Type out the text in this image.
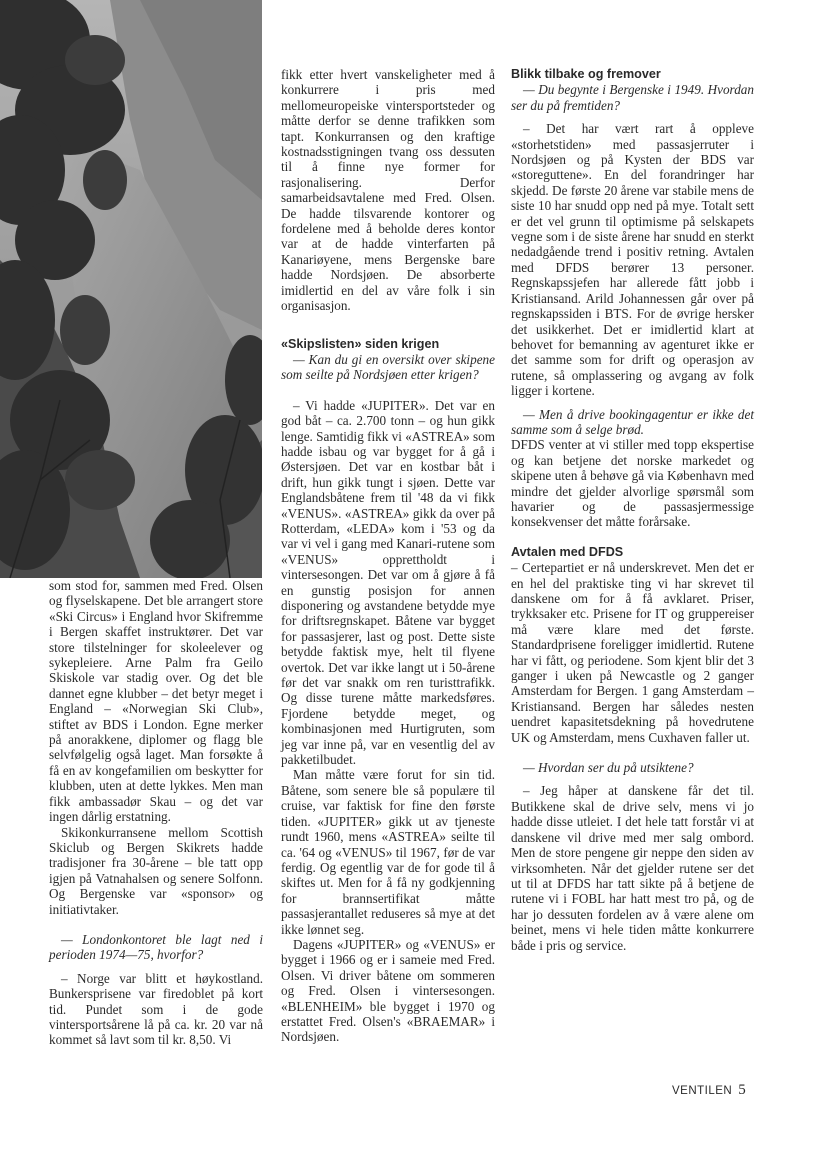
som stod for, sammen med Fred. Olsen og flyselskapene. Det ble arrangert store «Ski Circus» i England hvor Skifremme i Bergen skaffet instruktører. Det var store tilstelninger for skoleelever og sykepleiere. Arne Palm fra Geilo Skiskole var stadig over. Og det ble dannet egne klubber – det betyr meget i England – «Norwegian Ski Club», stiftet av BDS i London. Egne merker på anorakkene, diplomer og flagg ble selvfølgelig også laget. Man forsøkte å få en av kongefamilien om beskytter for klubben, uten at dette lykkes. Men man fikk ambassadør Skau – og det var ingen dårlig erstatning.

Skikonkurransene mellom Scottish Skiclub og Bergen Skikrets hadde tradisjoner fra 30-årene – ble tatt opp igjen på Vatnahalsen og senere Solfonn. Og Bergenske var «sponsor» og initiativtaker.

— Londonkontoret ble lagt ned i perioden 1974—75, hvorfor?

– Norge var blitt et høykostland. Bunkersprisene var firedoblet på kort tid. Pundet som i de gode vintersportsårene lå på ca. kr. 20 var nå kommet så lavt som til kr. 8,50. Vi

fikk etter hvert vanskeligheter med å konkurrere i pris med mellomeuropeiske vintersportsteder og måtte derfor se denne trafikken som tapt. Konkurransen og den kraftige kostnadsstigningen tvang oss dessuten til å finne nye former for rasjonalisering. Derfor samarbeidsavtalene med Fred. Olsen. De hadde tilsvarende kontorer og fordelene med å beholde deres kontor var at de hadde vinterfarten på Kanariøyene, mens Bergenske bare hadde Nordsjøen. De absorberte imidlertid en del av våre folk i sin organisasjon.

«Skipslisten» siden krigen

— Kan du gi en oversikt over skipene som seilte på Nordsjøen etter krigen?

– Vi hadde «JUPITER». Det var en god båt – ca. 2.700 tonn – og hun gikk lenge. Samtidig fikk vi «ASTREA» som hadde isbau og var bygget for å gå i Østersjøen. Det var en kostbar båt i drift, hun gikk tungt i sjøen. Dette var Englandsbåtene frem til '48 da vi fikk «VENUS». «ASTREA» gikk da over på Rotterdam, «LEDA» kom i '53 og da var vi vel i gang med Kanari-rutene som «VENUS» opprettholdt i vintersesongen. Det var om å gjøre å få en gunstig posisjon for annen disponering og avstandene betydde mye for driftsregnskapet. Båtene var bygget for passasjerer, last og post. Dette siste betydde faktisk mye, helt til flyene overtok. Det var ikke langt ut i 50-årene før det var snakk om ren turisttrafikk. Og disse turene måtte markedsføres. Fjordene betydde meget, og kombinasjonen med Hurtigruten, som jeg var inne på, var en vesentlig del av pakketilbudet.

Man måtte være forut for sin tid. Båtene, som senere ble så populære til cruise, var faktisk for fine den første tiden. «JUPITER» gikk ut av tjeneste rundt 1960, mens «ASTREA» seilte til ca. '64 og «VENUS» til 1967, før de var ferdig. Og egentlig var de for gode til å skiftes ut. Men for å få ny godkjenning for brannsertifikat måtte passasjerantallet reduseres så mye at det ikke lønnet seg.

Dagens «JUPITER» og «VENUS» er bygget i 1966 og er i sameie med Fred. Olsen. Vi driver båtene om sommeren og Fred. Olsen i vintersesongen. «BLENHEIM» ble bygget i 1970 og erstattet Fred. Olsen's «BRAEMAR» i Nordsjøen.

Blikk tilbake og fremover

— Du begynte i Bergenske i 1949. Hvordan ser du på fremtiden?

– Det har vært rart å oppleve «storhetstiden» med passasjerruter i Nordsjøen og på Kysten der BDS var «storeguttene». En del forandringer har skjedd. De første 20 årene var stabile mens de siste 10 har snudd opp ned på mye. Totalt sett er det vel grunn til optimisme på selskapets vegne som i de siste årene har snudd en sterkt nedadgående trend i positiv retning. Avtalen med DFDS berører 13 personer. Regnskapssjefen har allerede fått jobb i Kristiansand. Arild Johannessen går over på regnskapssiden i BTS. For de øvrige hersker det usikkerhet. Det er imidlertid klart at behovet for bemanning av agenturet ikke er det samme som for drift og operasjon av rutene, så omplassering og avgang av folk ligger i kortene.

— Men å drive bookingagentur er ikke det samme som å selge brød.

DFDS venter at vi stiller med topp ekspertise og kan betjene det norske markedet og skipene uten å behøve gå via København med mindre det gjelder alvorlige spørsmål som havarier og de passasjermessige konsekvenser det måtte forårsake.

Avtalen med DFDS

– Certepartiet er nå underskrevet. Men det er en hel del praktiske ting vi har skrevet til danskene om for å få avklaret. Priser, trykksaker etc. Prisene for IT og gruppereiser må være klare med det første. Standardprisene foreligger imidlertid. Rutene har vi fått, og periodene. Som kjent blir det 3 ganger i uken på Newcastle og 2 ganger Amsterdam for Bergen. 1 gang Amsterdam – Kristiansand. Bergen har således nesten uendret kapasitetsdekning på hovedrutene UK og Amsterdam, mens Cuxhaven faller ut.

— Hvordan ser du på utsiktene?

– Jeg håper at danskene får det til. Butikkene skal de drive selv, mens vi jo hadde disse utleiet. I det hele tatt forstår vi at danskene vil drive med mer salg ombord. Men de store pengene gir neppe den siden av virksomheten. Når det gjelder rutene ser det ut til at DFDS har tatt sikte på å betjene de rutene vi i FOBL har hatt mest tro på, og de har jo dessuten fordelen av å være alene om beinet, mens vi hele tiden måtte konkurrere både i pris og service.

VENTILEN 5
